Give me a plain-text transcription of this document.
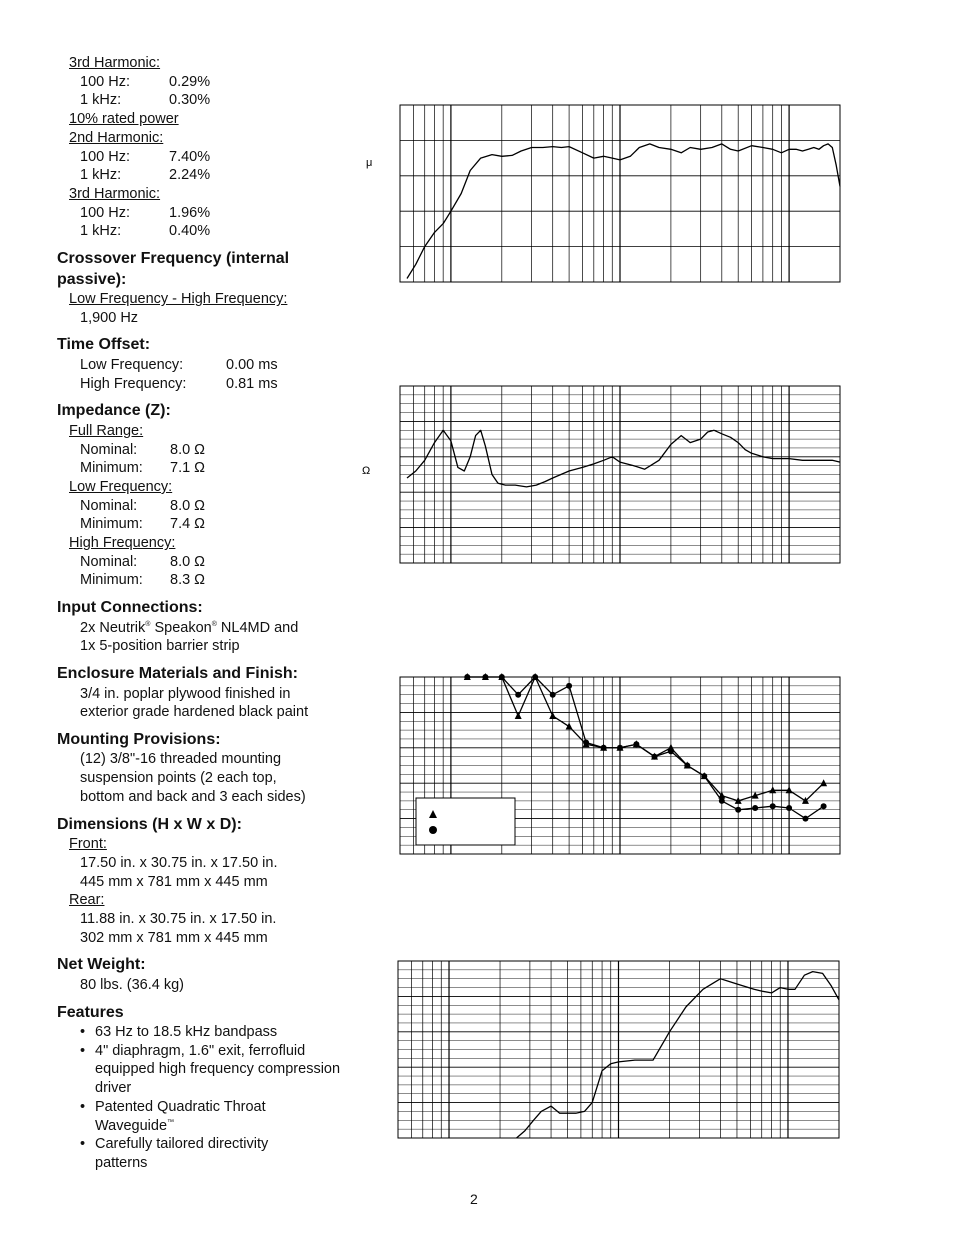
3rd Harmonic:
100 Hz:	0.29%
1 kHz:	0.30%
10% rated power
2nd Harmonic:
100 Hz:	7.40%
1 kHz:	2.24%
3rd Harmonic:
100 Hz:	1.96%
1 kHz:	0.40%
Crossover Frequency (internal
passive):
Low Frequency - High Frequency:
1,900 Hz
Time Offset:
Low Frequency:	0.00 ms
High Frequency:	0.81 ms
Impedance (Z):
Full Range:
Nominal: 8.0 Ω
Minimum: 7.1 Ω
Low Frequency:
Nominal: 8.0 Ω
Minimum: 7.4 Ω
High Frequency:
Nominal: 8.0 Ω
Minimum: 8.3 Ω
Input Connections:
2x Neutrik® Speakon® NL4MD and
1x 5-position barrier strip
Enclosure Materials and Finish:
3/4 in. poplar plywood finished in
exterior grade hardened black paint
Mounting Provisions:
(12) 3/8"-16 threaded mounting
suspension points (2 each top,
bottom and back and 3 each sides)
Dimensions (H x W x D):
Front:
17.50 in. x 30.75 in. x 17.50 in.
445 mm x 781 mm x 445 mm
Rear:
11.88 in. x 30.75 in. x 17.50 in.
302 mm x 781 mm x 445 mm
Net Weight:
80 lbs. (36.4 kg)
Features
• 63 Hz to 18.5 kHz bandpass
• 4" diaphragm, 1.6" exit, ferrofluid equipped high frequency compression driver
• Patented Quadratic Throat Waveguide™
• Carefully tailored directivity patterns
μ
Ω
2
